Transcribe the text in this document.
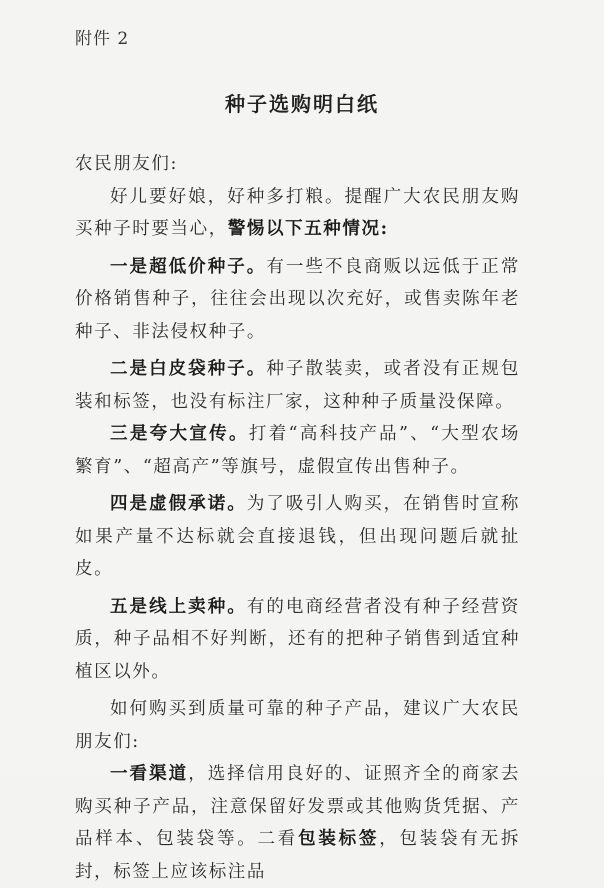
附件 2
种子选购明白纸

农民朋友们:

好儿要好娘，好种多打粮。提醒广大农民朋友购买种子时要当心，警惕以下五种情况:

一是超低价种子。有一些不良商贩以远低于正常价格销售种子，往往会出现以次充好，或售卖陈年老种子、非法侵权种子。

二是白皮袋种子。种子散装卖，或者没有正规包装和标签，也没有标注厂家，这种种子质量没保障。

三是夸大宣传。打着“高科技产品”、“大型农场繁育”、“超高产”等旗号，虚假宣传出售种子。

四是虚假承诺。为了吸引人购买，在销售时宣称如果产量不达标就会直接退钱，但出现问题后就扯皮。

五是线上卖种。有的电商经营者没有种子经营资质，种子品相不好判断，还有的把种子销售到适宜种植区以外。

如何购买到质量可靠的种子产品，建议广大农民朋友们:

一看渠道，选择信用良好的、证照齐全的商家去购买种子产品，注意保留好发票或其他购货凭据、产品样本、包装袋等。二看包装标签，包装袋有无拆封，标签上应该标注品
